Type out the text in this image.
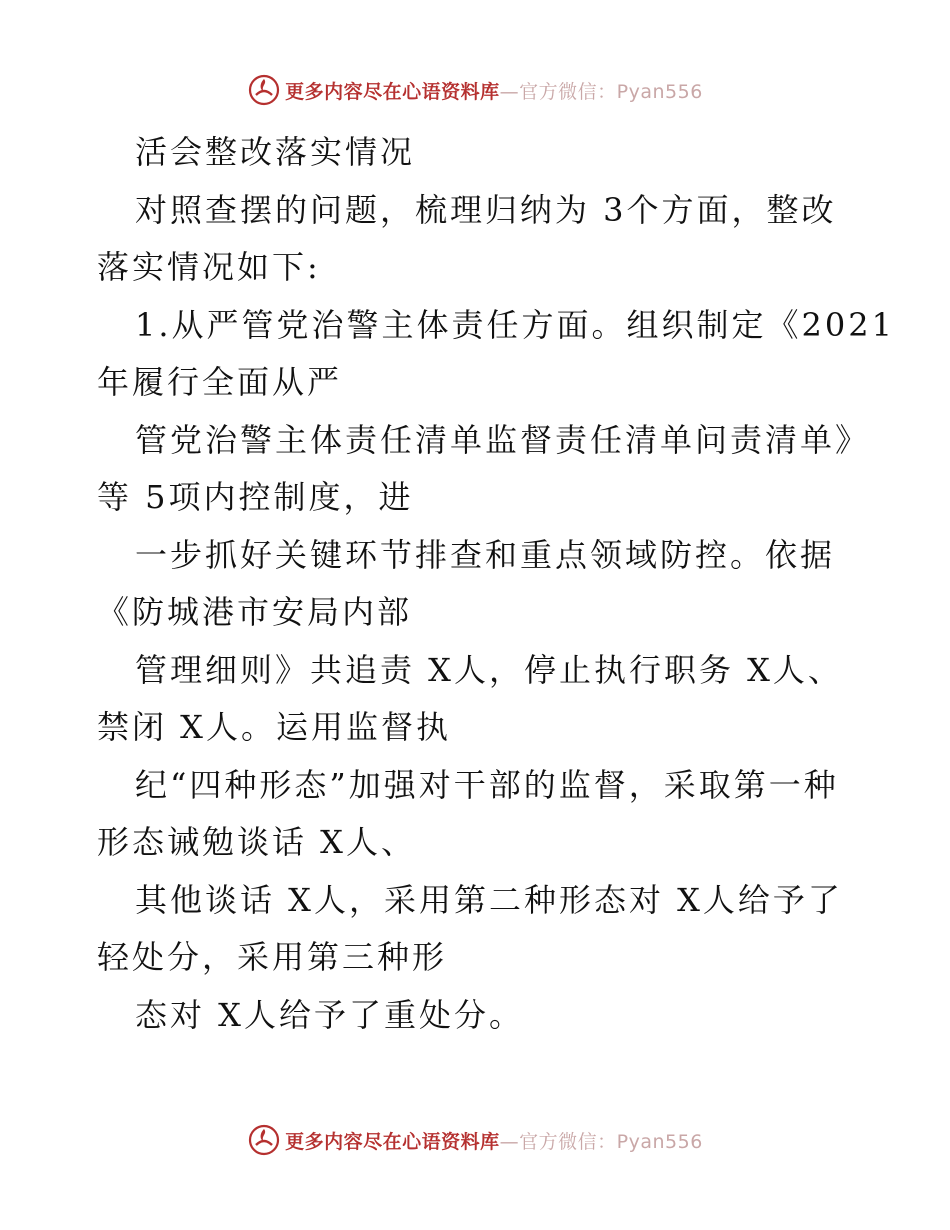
更多内容尽在心语资料库—官方微信：Pyan556
活会整改落实情况
对照查摆的问题，梳理归纳为 3个方面，整改
落实情况如下:
1.从严管党治警主体责任方面。组织制定《2021
年履行全面从严
管党治警主体责任清单监督责任清单问责清单》
等 5项内控制度，进
一步抓好关键环节排查和重点领域防控。依据
《防城港市安局内部
管理细则》共追责 X人，停止执行职务 X人、
禁闭 X人。运用监督执
纪“四种形态”加强对干部的监督，采取第一种
形态诫勉谈话 X人、
其他谈话 X人，采用第二种形态对 X人给予了
轻处分，采用第三种形
态对 X人给予了重处分。
更多内容尽在心语资料库—官方微信：Pyan556
